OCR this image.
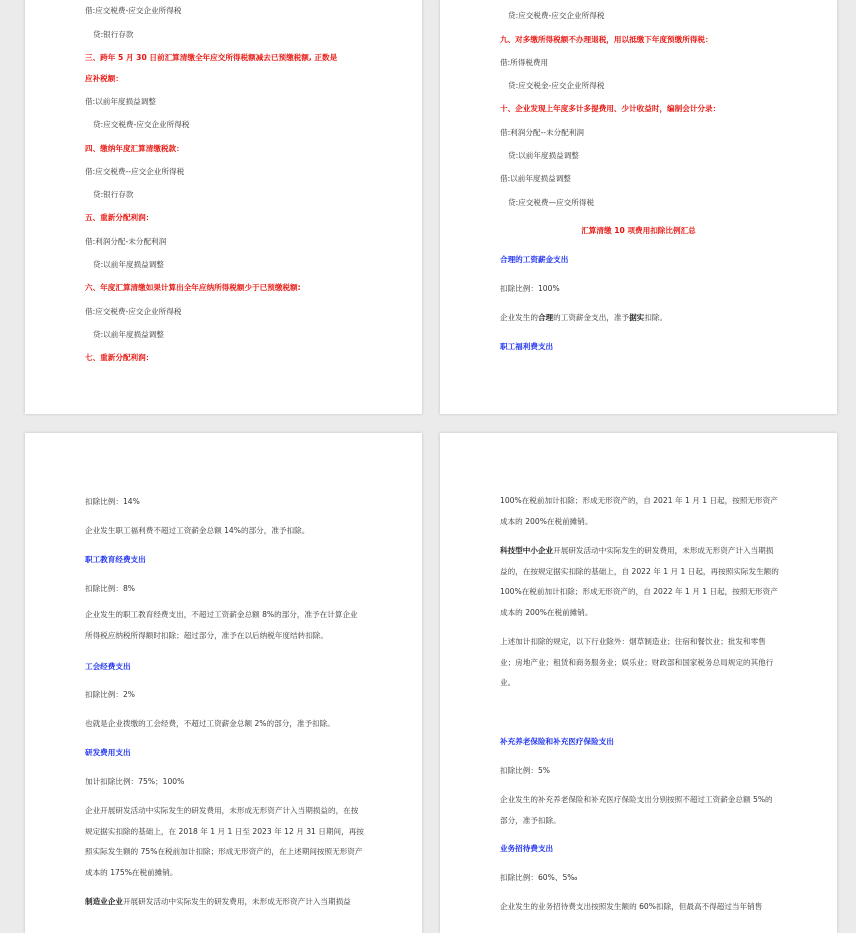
借:应交税费-应交企业所得税
贷:银行存款
三、跨年 5 月 30 日前汇算清缴全年应交所得税额减去已预缴税额, 正数是
应补税额：
借:以前年度损益调整
贷:应交税费-应交企业所得税
四、缴纳年度汇算清缴税款：
借:应交税费--应交企业所得税
贷:银行存款
五、重新分配利润：
借:利润分配-未分配利润
贷:以前年度损益调整
六、年度汇算清缴如果计算出全年应纳所得税额少于已预缴税额:
借:应交税费-应交企业所得税
贷:以前年度损益调整
七、重新分配利润：
贷:应交税费-应交企业所得税
九、对多缴所得税额不办理退税，用以抵缴下年度预缴所得税：
借:所得税费用
贷:应交税金-应交企业所得税
十、企业发现上年度多计多提费用、少计收益时，编制会计分录：
借:利润分配--未分配利润
贷:以前年度损益调整
借:以前年度损益调整
贷:应交税费—应交所得税
汇算清缴 10 项费用扣除比例汇总
合理的工资薪金支出
扣除比例：100%
企业发生的合理的工资薪金支出，准予据实扣除。
职工福利费支出
扣除比例：14%
企业发生职工福利费不超过工资薪金总额 14%的部分，准予扣除。
职工教育经费支出
扣除比例：8%
企业发生的职工教育经费支出，不超过工资薪金总额 8%的部分，准予在计算企业所得税应纳税所得额时扣除；超过部分，准予在以后纳税年度结转扣除。
工会经费支出
扣除比例：2%
也就是企业拨缴的工会经费，不超过工资薪金总额 2%的部分，准予扣除。
研发费用支出
加计扣除比例：75%；100%
企业开展研发活动中实际发生的研发费用，未形成无形资产计入当期损益的，在按规定据实扣除的基础上，在 2018 年 1 月 1 日至 2023 年 12 月 31 日期间，再按照实际发生额的 75%在税前加计扣除；形成无形资产的，在上述期间按照无形资产成本的 175%在税前摊销。
制造业企业开展研发活动中实际发生的研发费用，未形成无形资产计入当期损益
100%在税前加计扣除；形成无形资产的，自 2021 年 1 月 1 日起，按照无形资产成本的 200%在税前摊销。
科技型中小企业开展研发活动中实际发生的研发费用，未形成无形资产计入当期损益的，在按规定据实扣除的基础上，自 2022 年 1 月 1 日起，再按照实际发生额的 100%在税前加计扣除；形成无形资产的，自 2022 年 1 月 1 日起，按照无形资产成本的 200%在税前摊销。
上述加计扣除的规定，以下行业除外：烟草制造业；住宿和餐饮业；批发和零售业；房地产业；租赁和商务服务业；娱乐业；财政部和国家税务总局规定的其他行业。
补充养老保险和补充医疗保险支出
扣除比例：5%
企业发生的补充养老保险和补充医疗保险支出分别按照不超过工资薪金总额 5%的部分，准予扣除。
业务招待费支出
扣除比例：60%、5‰
企业发生的业务招待费支出按照发生额的 60%扣除，但最高不得超过当年销售
